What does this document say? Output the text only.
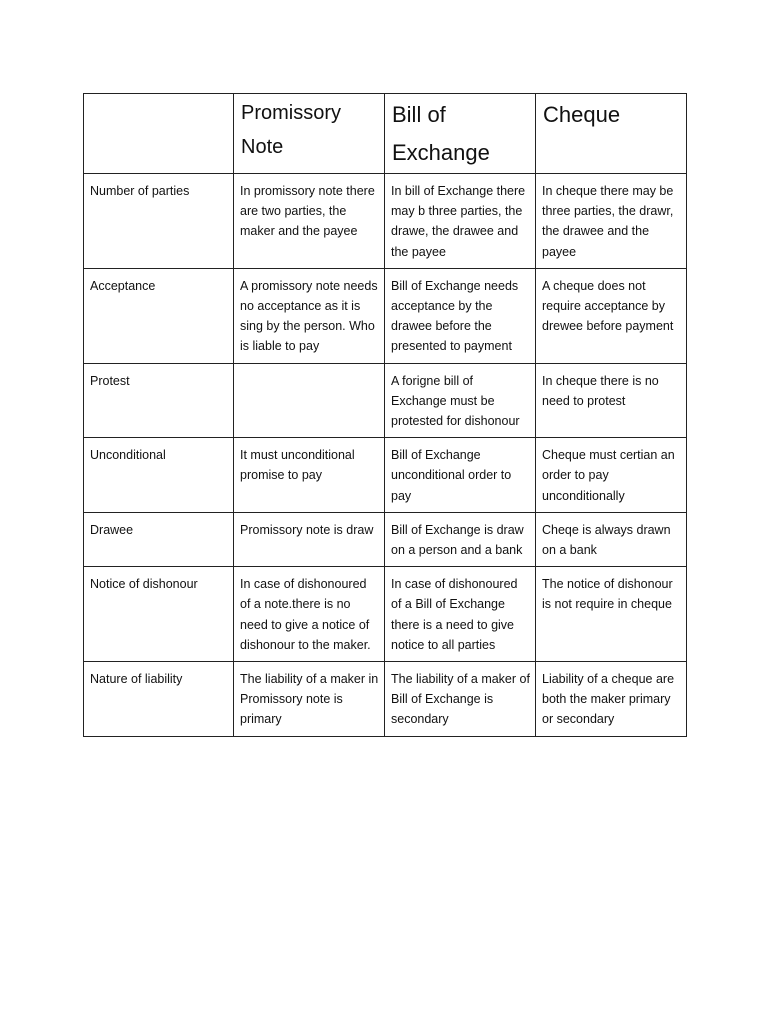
	Promissory Note	Bill of Exchange	Cheque
Number of parties	In promissory note there are two parties, the maker and the payee	In bill of Exchange there may b three parties, the drawe, the drawee and the payee	In cheque there may be three parties, the drawr, the drawee and the payee
Acceptance	A promissory note needs no acceptance as it is sing by the person. Who is liable to pay	Bill of Exchange needs acceptance by the drawee before the presented to payment	A cheque does not require acceptance by drewee before payment
Protest		A forigne bill of Exchange must be protested for dishonour	In cheque there is no need to protest
Unconditional	It must unconditional promise to pay	Bill of Exchange unconditional order to pay	Cheque must certian an order to pay unconditionally
Drawee	Promissory note is draw	Bill of Exchange is draw on a person and a bank	Cheqe is always drawn on a bank
Notice of dishonour	In case of dishonoured of a note.there is no need to give a notice of dishonour to the maker.	In case of dishonoured of a Bill of Exchange there is a need to give notice to all parties	The notice of dishonour is not require in cheque
Nature of liability	The liability of a maker in Promissory note is primary	The liability of a maker of Bill of Exchange is secondary	Liability of a cheque are both the maker primary or secondary
